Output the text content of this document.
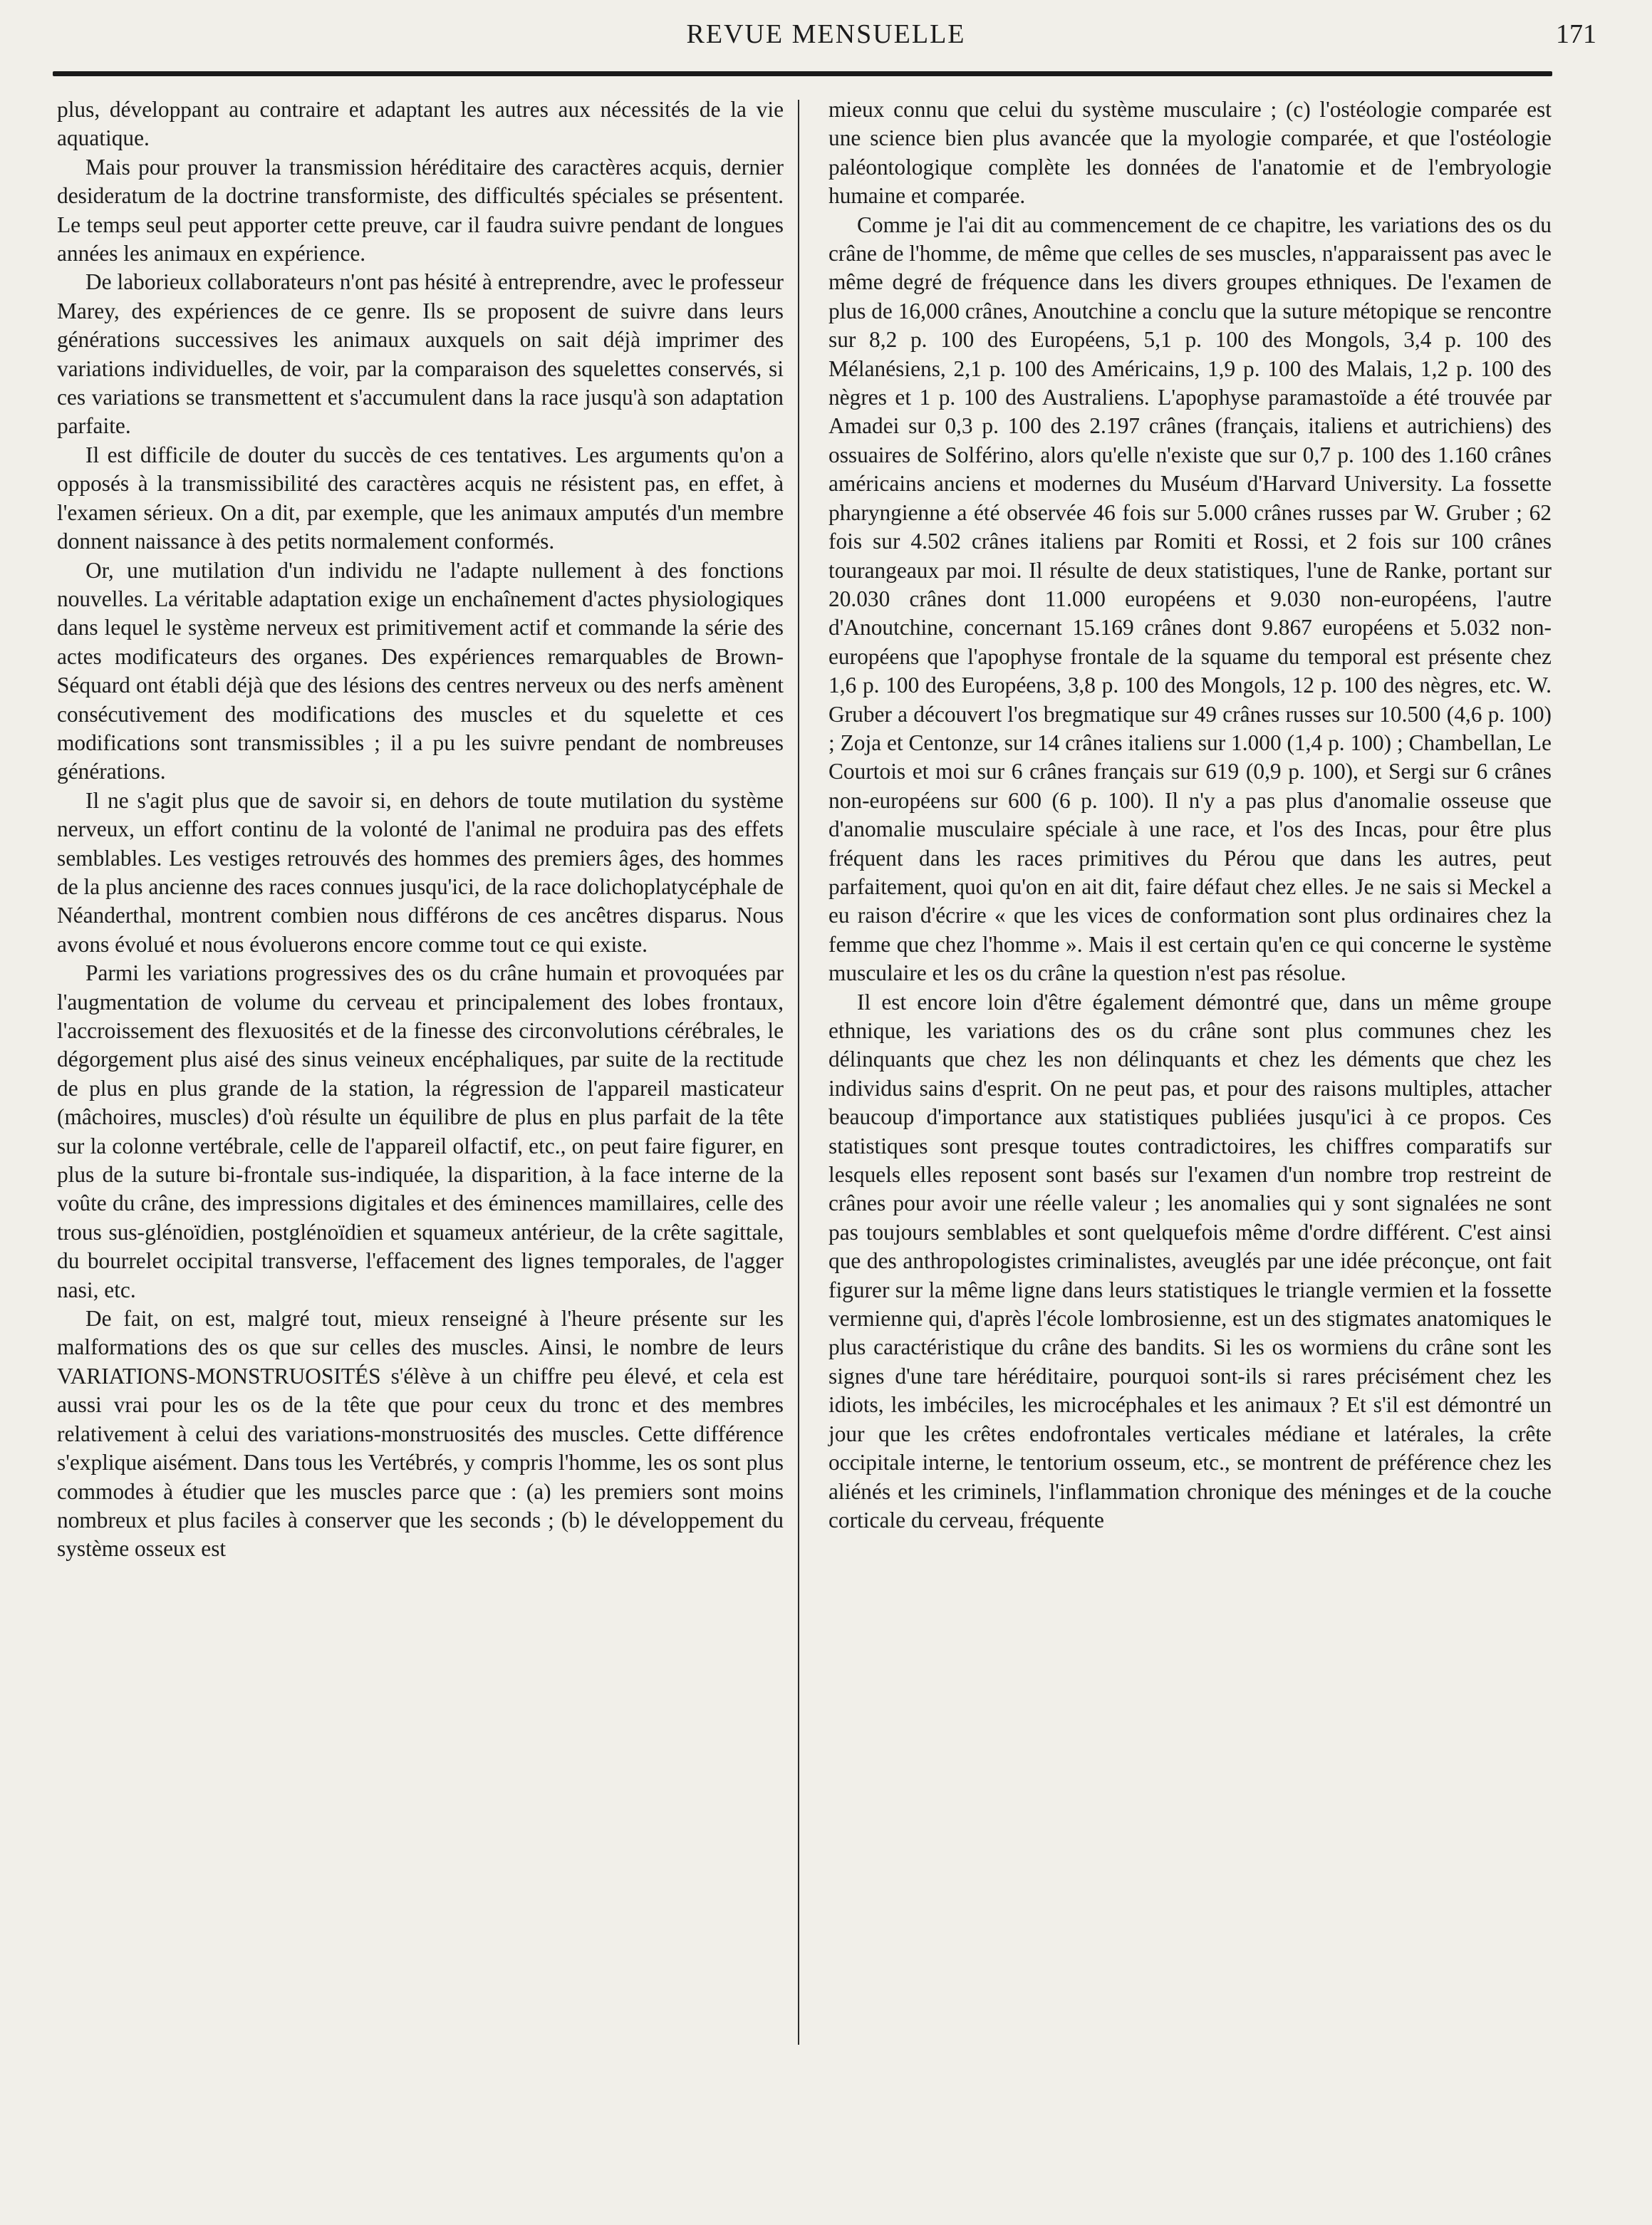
REVUE MENSUELLE	171

plus, développant au contraire et adaptant les autres aux nécessités de la vie aquatique.

Mais pour prouver la transmission héréditaire des caractères acquis, dernier desideratum de la doctrine transformiste, des difficultés spéciales se présentent. Le temps seul peut apporter cette preuve, car il faudra suivre pendant de longues années les animaux en expérience.

De laborieux collaborateurs n'ont pas hésité à entreprendre, avec le professeur Marey, des expériences de ce genre. Ils se proposent de suivre dans leurs générations successives les animaux auxquels on sait déjà imprimer des variations individuelles, de voir, par la comparaison des squelettes conservés, si ces variations se transmettent et s'accumulent dans la race jusqu'à son adaptation parfaite.

Il est difficile de douter du succès de ces tentatives. Les arguments qu'on a opposés à la transmissibilité des caractères acquis ne résistent pas, en effet, à l'examen sérieux. On a dit, par exemple, que les animaux amputés d'un membre donnent naissance à des petits normalement conformés.

Or, une mutilation d'un individu ne l'adapte nullement à des fonctions nouvelles. La véritable adaptation exige un enchaînement d'actes physiologiques dans lequel le système nerveux est primitivement actif et commande la série des actes modificateurs des organes. Des expériences remarquables de Brown-Séquard ont établi déjà que des lésions des centres nerveux ou des nerfs amènent consécutivement des modifications des muscles et du squelette et ces modifications sont transmissibles ; il a pu les suivre pendant de nombreuses générations.

Il ne s'agit plus que de savoir si, en dehors de toute mutilation du système nerveux, un effort continu de la volonté de l'animal ne produira pas des effets semblables. Les vestiges retrouvés des hommes des premiers âges, des hommes de la plus ancienne des races connues jusqu'ici, de la race dolichoplatycéphale de Néanderthal, montrent combien nous différons de ces ancêtres disparus. Nous avons évolué et nous évoluerons encore comme tout ce qui existe.

Parmi les variations progressives des os du crâne humain et provoquées par l'augmentation de volume du cerveau et principalement des lobes frontaux, l'accroissement des flexuosités et de la finesse des circonvolutions cérébrales, le dégorgement plus aisé des sinus veineux encéphaliques, par suite de la rectitude de plus en plus grande de la station, la régression de l'appareil masticateur (mâchoires, muscles) d'où résulte un équilibre de plus en plus parfait de la tête sur la colonne vertébrale, celle de l'appareil olfactif, etc., on peut faire figurer, en plus de la suture bi-frontale sus-indiquée, la disparition, à la face interne de la voûte du crâne, des impressions digitales et des éminences mamillaires, celle des trous sus-glénoïdien, postglénoïdien et squameux antérieur, de la crête sagittale, du bourrelet occipital transverse, l'effacement des lignes temporales, de l'agger nasi, etc.

De fait, on est, malgré tout, mieux renseigné à l'heure présente sur les malformations des os que sur celles des muscles. Ainsi, le nombre de leurs VARIATIONS-MONSTRUOSITÉS s'élève à un chiffre peu élevé, et cela est aussi vrai pour les os de la tête que pour ceux du tronc et des membres relativement à celui des variations-monstruosités des muscles. Cette différence s'explique aisément. Dans tous les Vertébrés, y compris l'homme, les os sont plus commodes à étudier que les muscles parce que : (a) les premiers sont moins nombreux et plus faciles à conserver que les seconds ; (b) le développement du système osseux est

mieux connu que celui du système musculaire ; (c) l'ostéologie comparée est une science bien plus avancée que la myologie comparée, et que l'ostéologie paléontologique complète les données de l'anatomie et de l'embryologie humaine et comparée.

Comme je l'ai dit au commencement de ce chapitre, les variations des os du crâne de l'homme, de même que celles de ses muscles, n'apparaissent pas avec le même degré de fréquence dans les divers groupes ethniques. De l'examen de plus de 16,000 crânes, Anoutchine a conclu que la suture métopique se rencontre sur 8,2 p. 100 des Européens, 5,1 p. 100 des Mongols, 3,4 p. 100 des Mélanésiens, 2,1 p. 100 des Américains, 1,9 p. 100 des Malais, 1,2 p. 100 des nègres et 1 p. 100 des Australiens. L'apophyse paramastoïde a été trouvée par Amadei sur 0,3 p. 100 des 2.197 crânes (français, italiens et autrichiens) des ossuaires de Solférino, alors qu'elle n'existe que sur 0,7 p. 100 des 1.160 crânes américains anciens et modernes du Muséum d'Harvard University. La fossette pharyngienne a été observée 46 fois sur 5.000 crânes russes par W. Gruber ; 62 fois sur 4.502 crânes italiens par Romiti et Rossi, et 2 fois sur 100 crânes tourangeaux par moi. Il résulte de deux statistiques, l'une de Ranke, portant sur 20.030 crânes dont 11.000 européens et 9.030 non-européens, l'autre d'Anoutchine, concernant 15.169 crânes dont 9.867 européens et 5.032 non-européens que l'apophyse frontale de la squame du temporal est présente chez 1,6 p. 100 des Européens, 3,8 p. 100 des Mongols, 12 p. 100 des nègres, etc. W. Gruber a découvert l'os bregmatique sur 49 crânes russes sur 10.500 (4,6 p. 100) ; Zoja et Centonze, sur 14 crânes italiens sur 1.000 (1,4 p. 100) ; Chambellan, Le Courtois et moi sur 6 crânes français sur 619 (0,9 p. 100), et Sergi sur 6 crânes non-européens sur 600 (6 p. 100). Il n'y a pas plus d'anomalie osseuse que d'anomalie musculaire spéciale à une race, et l'os des Incas, pour être plus fréquent dans les races primitives du Pérou que dans les autres, peut parfaitement, quoi qu'on en ait dit, faire défaut chez elles. Je ne sais si Meckel a eu raison d'écrire « que les vices de conformation sont plus ordinaires chez la femme que chez l'homme ». Mais il est certain qu'en ce qui concerne le système musculaire et les os du crâne la question n'est pas résolue.

Il est encore loin d'être également démontré que, dans un même groupe ethnique, les variations des os du crâne sont plus communes chez les délinquants que chez les non délinquants et chez les déments que chez les individus sains d'esprit. On ne peut pas, et pour des raisons multiples, attacher beaucoup d'importance aux statistiques publiées jusqu'ici à ce propos. Ces statistiques sont presque toutes contradictoires, les chiffres comparatifs sur lesquels elles reposent sont basés sur l'examen d'un nombre trop restreint de crânes pour avoir une réelle valeur ; les anomalies qui y sont signalées ne sont pas toujours semblables et sont quelquefois même d'ordre différent. C'est ainsi que des anthropologistes criminalistes, aveuglés par une idée préconçue, ont fait figurer sur la même ligne dans leurs statistiques le triangle vermien et la fossette vermienne qui, d'après l'école lombrosienne, est un des stigmates anatomiques le plus caractéristique du crâne des bandits. Si les os wormiens du crâne sont les signes d'une tare héréditaire, pourquoi sont-ils si rares précisément chez les idiots, les imbéciles, les microcéphales et les animaux ? Et s'il est démontré un jour que les crêtes endofrontales verticales médiane et latérales, la crête occipitale interne, le tentorium osseum, etc., se montrent de préférence chez les aliénés et les criminels, l'inflammation chronique des méninges et de la couche corticale du cerveau, fréquente
